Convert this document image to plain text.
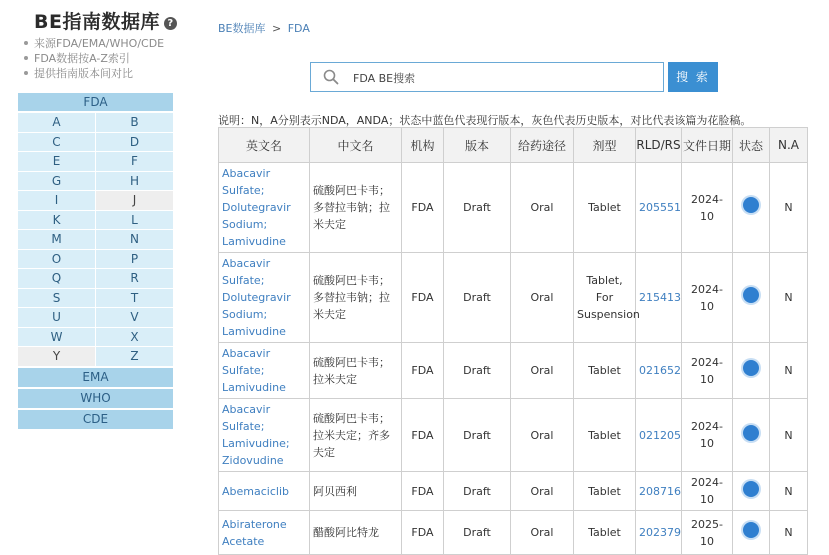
BE指南数据库 ?
来源FDA/EMA/WHO/CDE
FDA数据按A-Z索引
提供指南版本间对比
FDA
A	B
C	D
E	F
G	H
I	J
K	L
M	N
O	P
Q	R
S	T
U	V
W	X
Y	Z
EMA
WHO
CDE
BE数据库 > FDA
FDA BE搜索
搜 索
说明：N，A分别表示NDA，ANDA；状态中蓝色代表现行版本，灰色代表历史版本，对比代表该篇为花脸稿。
英文名	中文名	机构	版本	给药途径	剂型	RLD/RS	文件日期	状态	N.A
Abacavir Sulfate; Dolutegravir Sodium; Lamivudine	硫酸阿巴卡韦；多替拉韦钠；拉米夫定	FDA	Draft	Oral	Tablet	205551	2024-10		N
Abacavir Sulfate; Dolutegravir Sodium; Lamivudine	硫酸阿巴卡韦；多替拉韦钠；拉米夫定	FDA	Draft	Oral	Tablet, For Suspension	215413	2024-10		N
Abacavir Sulfate; Lamivudine	硫酸阿巴卡韦；拉米夫定	FDA	Draft	Oral	Tablet	021652	2024-10		N
Abacavir Sulfate; Lamivudine; Zidovudine	硫酸阿巴卡韦；拉米夫定；齐多夫定	FDA	Draft	Oral	Tablet	021205	2024-10		N
Abemaciclib	阿贝西利	FDA	Draft	Oral	Tablet	208716	2024-10		N
Abiraterone Acetate	醋酸阿比特龙	FDA	Draft	Oral	Tablet	202379	2025-10		N
